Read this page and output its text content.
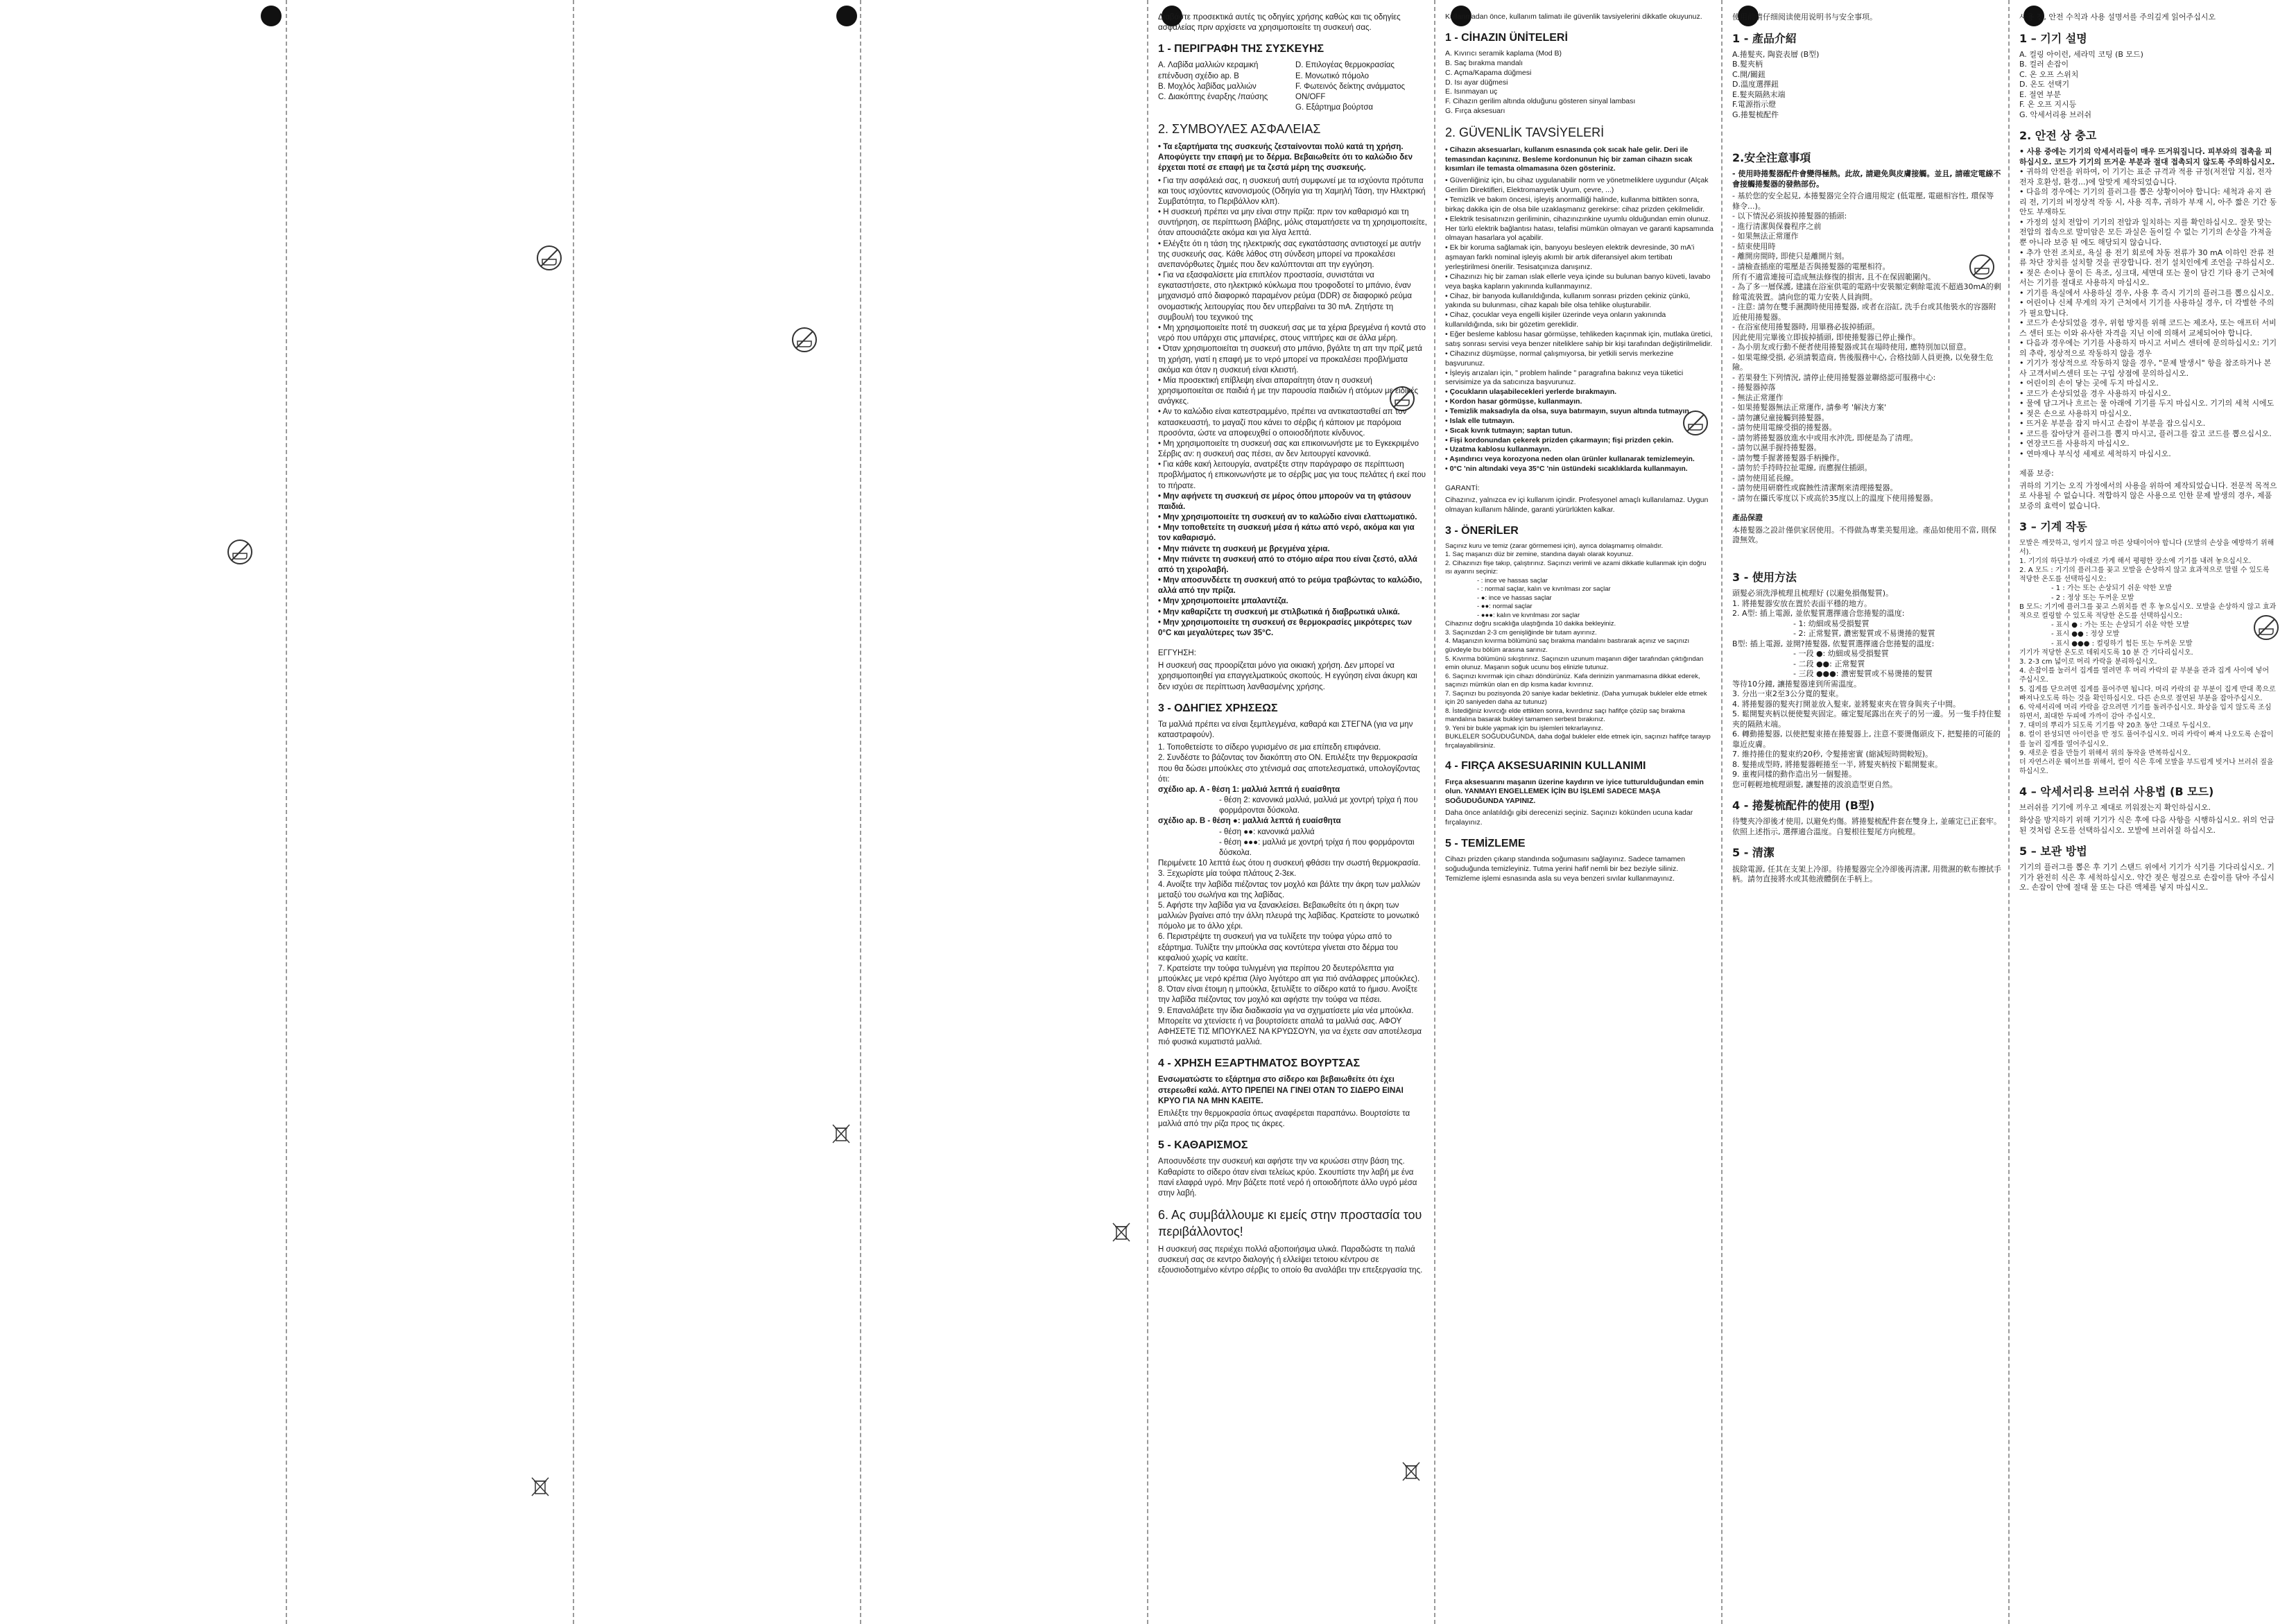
Διαβάστε προσεκτικά αυτές τις οδηγίες χρήσης καθώς και τις οδηγίες ασφαλείας πριν αρχίσετε να χρησιμοποιείτε τη συσκευή σας.

1 - ΠΕΡΙΓΡΑΦΗ ΤΗΣ ΣΥΣΚΕΥΗΣ
A. Λαβίδα μαλλιών κεραμική επένδυση σχέδιο ap. B
B. Μοχλός λαβίδας μαλλιών
C. Διακόπτης έναρξης /παύσης
D. Επιλογέας θερμοκρασίας
E. Μονωτικό πόμολο
F. Φωτεινός δείκτης ανάμματος ON/OFF
G. Εξάρτημα βούρτσα
2. ΣΥΜΒΟΥΛΕΣ ΑΣΦΑΛΕΙΑΣ

• Τα εξαρτήματα της συσκευής ζεσταίνονται πολύ κατά τη χρήση. Αποφύγετε την επαφή με το δέρμα. Βεβαιωθείτε ότι το καλώδιο δεν έρχεται ποτέ σε επαφή με τα ζεστά μέρη της συσκευής.

• Για την ασφάλειά σας, η συσκευή αυτή συμφωνεί με τα ισχύοντα πρότυπα και τους ισχύοντες κανονισμούς (Οδηγία για τη Χαμηλή Τάση, την Ηλεκτρική Συμβατότητα, το Περιβάλλον κλπ).
• Η συσκευή πρέπει να μην είναι στην πρίζα: πριν τον καθαρισμό και τη συντήρηση, σε περίπτωση βλάβης, μόλις σταματήσετε να τη χρησιμοποιείτε, όταν απουσιάζετε ακόμα και για λίγα λεπτά.
• Ελέγξτε ότι η τάση της ηλεκτρικής σας εγκατάστασης αντιστοιχεί με αυτήν της συσκευής σας. Κάθε λάθος στη σύνδεση μπορεί να προκαλέσει ανεπανόρθωτες ζημιές που δεν καλύπτονται απ την εγγύηση.
• Για να εξασφαλίσετε μία επιπλέον προστασία, συνιστάται να εγκαταστήσετε, στο ηλεκτρικό κύκλωμα που τροφοδοτεί το μπάνιο, έναν μηχανισμό από διαφορικό παραμένον ρεύμα (DDR) σε διαφορικό ρεύμα ονομαστικής λειτουργίας που δεν υπερβαίνει τα 30 mA. Ζητήστε τη συμβουλή του τεχνικού της
• Μη χρησιμοποιείτε ποτέ τη συσκευή σας με τα χέρια βρεγμένα ή κοντά στο νερό που υπάρχει στις μπανιέρες, στους νιπτήρες και σε άλλα μέρη.
• Όταν χρησιμοποιείται τη συσκευή στο μπάνιο, βγάλτε τη απ την πρίζ μετά τη χρήση, γιατί η επαφή με το νερό μπορεί να προκαλέσει προβλήματα ακόμα και όταν η συσκευή είναι κλειστή.
• Μία προσεκτική επίβλεψη είναι απαραίτητη όταν η συσκευή χρησιμοποιείται σε παιδιά ή με την παρουσία παιδιών ή ατόμων με ειδικές ανάγκες.
• Αν το καλώδιο είναι κατεστραμμένο, πρέπει να αντικατασταθεί απ τον κατασκευαστή, το μαγαζί που κάνει το σέρβις ή κάποιον με παρόμοια προσόντα, ώστε να αποφευχθεί ο οποιοσδήποτε κίνδυνος.
• Μη χρησιμοποιείτε τη συσκευή σας και επικοινωνήστε με το Εγκεκριμένο Σέρβις αν: η συσκευή σας πέσει, αν δεν λειτουργεί κανονικά.
• Για κάθε κακή λειτουργία, ανατρέξτε στην παράγραφο σε περίπτωση προβλήματος ή επικοινωνήστε με το σέρβις μας για τους πελάτες ή εκεί που το πήρατε.
• Μην αφήνετε τη συσκευή σε μέρος όπου μπορούν να τη φτάσουν παιδιά.
• Μην χρησιμοποιείτε τη συσκευή αν το καλώδιο είναι ελαττωματικό.
• Μην τοποθετείτε τη συσκευή μέσα ή κάτω από νερό, ακόμα και για τον καθαρισμό.
• Μην πιάνετε τη συσκευή με βρεγμένα χέρια.
• Μην πιάνετε τη συσκευή από το στόμιο αέρα που είναι ζεστό, αλλά από τη χειρολαβή.
• Μην αποσυνδέετε τη συσκευή από το ρεύμα τραβώντας το καλώδιο, αλλά από την πρίζα.
• Μην χρησιμοποιείτε μπαλαντέζα.
• Μην καθαρίζετε τη συσκευή με στιλβωτικά ή διαβρωτικά υλικά.
• Μην χρησιμοποιείτε τη συσκευή σε θερμοκρασίες μικρότερες των 0°C και μεγαλύτερες των 35°C.

ΕΓΓΥΗΣΗ:

Η συσκευή σας προορίζεται μόνο για οικιακή χρήση. Δεν μπορεί να χρησιμοποιηθεί για επαγγελματικούς σκοπούς. Η εγγύηση είναι άκυρη και δεν ισχύει σε περίπτωση λανθασμένης χρήσης.

3 - ΟΔΗΓΙΕΣ ΧΡΗΣΕΩΣ

Τα μαλλιά πρέπει να είναι ξεμπλεγμένα, καθαρά και ΣΤΕΓΝΑ (για να μην καταστραφούν).

1. Τοποθετείστε το σίδερο γυρισμένο σε μια επίπεδη επιφάνεια.
2. Συνδέστε το βάζοντας τον διακόπτη στο ON. Επιλέξτε την θερμοκρασία που θα δώσει μπούκλες στο χτένισμά σας αποτελεσματικά, υπολογίζοντας ότι:
σχέδιο ap. A - θέση 1: μαλλιά λεπτά ή ευαίσθητα
- θέση 2: κανονικά μαλλιά, μαλλιά με χοντρή τρίχα ή που φορμάρονται δύσκολα.
σχέδιο ap. B - θέση ●: μαλλιά λεπτά ή ευαίσθητα
- θέση ●●: κανονικά μαλλιά
- θέση ●●●: μαλλιά με χοντρή τρίχα ή που φορμάρονται δύσκολα.
Περιμένετε 10 λεπτά έως ότου η συσκευή φθάσει την σωστή θερμοκρασία.
3. Ξεχωρίστε μία τούφα πλάτους 2-3εκ.
4. Ανοίξτε την λαβίδα πιέζοντας τον μοχλό και βάλτε την άκρη των μαλλιών μεταξύ του σωλήνα και της λαβίδας.
5. Αφήστε την λαβίδα για να ξανακλείσει. Βεβαιωθείτε ότι η άκρη των μαλλιών βγαίνει από την άλλη πλευρά της λαβίδας. Κρατείστε το μονωτικό πόμολο με το άλλο χέρι.
6. Περιστρέψτε τη συσκευή για να τυλίξετε την τούφα γύρω από το εξάρτημα. Τυλίξτε την μπούκλα σας κοντύτερα γίνεται στο δέρμα του κεφαλιού χωρίς να καείτε.
7. Κρατείστε την τούφα τυλιγμένη για περίπου 20 δευτερόλεπτα για μπούκλες με νερό κρέπια (λίγο λιγότερο απ για πιό ανάλαφρες μπούκλες).
8. Όταν είναι έτοιμη η μπούκλα, ξετυλίξτε το σίδερο κατά το ήμισυ. Ανοίξτε την λαβίδα πιέζοντας τον μοχλό και αφήστε την τούφα να πέσει.
9. Επαναλάβετε την ίδια διαδικασία για να σχηματίσετε μία νέα μπούκλα.
Μπορείτε να χτενίσετε ή να βουρτσίσετε απαλά τα μαλλιά σας. ΑΦΟΥ ΑΦΗΣΕΤΕ ΤΙΣ ΜΠΟΥΚΛΕΣ ΝΑ ΚΡΥΩΣΟΥΝ, για να έχετε σαν αποτέλεσμα πιό φυσικά κυματιστά μαλλιά.
4 - ΧΡΗΣΗ ΕΞΑΡΤΗΜΑΤΟΣ ΒΟΥΡΤΣΑΣ

Ενσωματώστε το εξάρτημα στο σίδερο και βεβαιωθείτε ότι έχει στερεωθεί καλά. ΑΥΤΟ ΠΡΕΠΕΙ ΝΑ ΓΙΝΕΙ ΟΤΑΝ ΤΟ ΣΙΔΕΡΟ ΕΙΝΑΙ ΚΡΥΟ ΓΙΑ ΝΑ ΜΗΝ ΚΑΕΙΤΕ.

Επιλέξτε την θερμοκρασία όπως αναφέρεται παραπάνω. Βουρτσίστε τα μαλλιά από την ρίζα προς τις άκρες.

5 - ΚΑΘΑΡΙΣΜΟΣ

Αποσυνδέστε την συσκευή και αφήστε την να κρυώσει στην βάση της. Καθαρίστε το σίδερο όταν είναι τελείως κρύο. Σκουπίστε την λαβή με ένα πανί ελαφρά υγρό. Μην βάζετε ποτέ νερό ή οποιοδήποτε άλλο υγρό μέσα στην λαβή.

6. Ας συμβάλλουμε κι εμείς στην προστασία του περιβάλλοντος!

Η συσκευή σας περιέχει πολλά αξιοποιήσιμα υλικά. Παραδώστε τη παλιά συσκευή σας σε κεντρο διαλογής ή ελλείψει τετοιου κέντρου σε εξουσιοδοτημένο κέντρο σέρβις το οποίο θα αναλάβει την επεξεργασία της.

Kullanmadan önce, kullanım talimatı ile güvenlik tavsiyelerini dikkatle okuyunuz.

1 - CİHAZIN ÜNİTELERİ
A. Kıvırıcı seramik kaplama (Mod B)
B. Saç bırakma mandalı
C. Açma/Kapama düğmesi
D. Isı ayar düğmesi
E. Isınmayan uç
F. Cihazın gerilim altında olduğunu gösteren sinyal lambası
G. Fırça aksesuarı
2. GÜVENLİK TAVSİYELERİ

• Cihazın aksesuarları, kullanım esnasında çok sıcak hale gelir. Deri ile temasından kaçınınız. Besleme kordonunun hiç bir zaman cihazın sıcak kısımları ile temasta olmamasına özen gösteriniz.

• Güvenliğiniz için, bu cihaz uygulanabilir norm ve yönetmeliklere uygundur (Alçak Gerilim Direktifleri, Elektromanyetik Uyum, çevre, ...)
• Temizlik ve bakım öncesi, işleyiş anormalliği halinde, kullanma bittikten sonra, birkaç dakika için de olsa bile uzaklaşmanız gerekirse: cihaz prizden çekilmelidir.
• Elektrik tesisatınızın geriliminin, cihazınızınkine uyumlu olduğundan emin olunuz. Her türlü elektrik bağlantısı hatası, telafisi mümkün olmayan ve garanti kapsamında olmayan hasarlara yol açabilir.
• Ek bir koruma sağlamak için, banyoyu besleyen elektrik devresinde, 30 mA'i aşmayan farklı nominal işleyiş akımlı bir artık diferansiyel akım tertibatı yerleştirilmesi önerilir. Tesisatçınıza danışınız.
• Cihazınızı hiç bir zaman ıslak ellerle veya içinde su bulunan banyo küveti, lavabo veya başka kapların yakınında kullanmayınız.
• Cihaz, bir banyoda kullanıldığında, kullanım sonrası prizden çekiniz çünkü, yakında su bulunması, cihaz kapalı bile olsa tehlike oluşturabilir.
• Cihaz, çocuklar veya engelli kişiler üzerinde veya onların yakınında kullanıldığında, sıkı bir gözetim gereklidir.
• Eğer besleme kablosu hasar görmüşse, tehlikeden kaçınmak için, mutlaka üretici, satış sonrası servisi veya benzer niteliklere sahip bir kişi tarafından değiştirilmelidir.
• Cihazınız düşmüşse, normal çalışmıyorsa, bir yetkili servis merkezine başvurunuz.
• İşleyiş arızaları için, " problem halinde " paragrafına bakınız veya tüketici servisimize ya da satıcınıza başvurunuz.
• Çocukların ulaşabilecekleri yerlerde bırakmayın.
• Kordon hasar görmüşse, kullanmayın.
• Temizlik maksadıyla da olsa, suya batırmayın, suyun altında tutmayın.
• Islak elle tutmayın.
• Sıcak kıvrık tutmayın; saptan tutun.
• Fişi kordonundan çekerek prizden çıkarmayın; fişi prizden çekin.
• Uzatma kablosu kullanmayın.
• Aşındırıcı veya korozyona neden olan ürünler kullanarak temizlemeyin.
• 0°C 'nin altındaki veya 35°C 'nin üstündeki sıcaklıklarda kullanmayın.

GARANTİ:

Cihazınız, yalnızca ev içi kullanım içindir. Profesyonel amaçlı kullanılamaz. Uygun olmayan kullanım hâlinde, garanti yürürlükten kalkar.

3 - ÖNERİLER
Saçınız kuru ve temiz (zarar görmemesi için), ayrıca dolaşmamış olmalıdır.
1. Saç maşanızı düz bir zemine, standına dayalı olarak koyunuz.
2. Cihazınızı fişe takıp, çalıştırınız. Saçınızı verimli ve azami dikkatle kullanmak için doğru ısı ayarını seçiniz:
- : ince ve hassas saçlar
- : normal saçlar, kalın ve kıvrılması zor saçlar
- ●: ince ve hassas saçlar
- ●●: normal saçlar
- ●●●: kalın ve kıvrılması zor saçlar
Cihazınız doğru sıcaklığa ulaştığında 10 dakika bekleyiniz.
3. Saçınızdan 2-3 cm genişliğinde bir tutam ayırınız.
4. Maşanızın kıvırma bölümünü saç bırakma mandalını bastırarak açınız ve saçınızı güvdeyle bu bölüm arasına sarınız.
5. Kıvırma bölümünü sıkıştırınız. Saçınızın uzunum maşanın diğer tarafından çıktığından emin olunuz. Maşanın soğuk ucunu boş elinizle tutunuz.
6. Saçınızı kıvırmak için cihazı döndürünüz. Kafa derinizin yanmamasına dikkat ederek, saçınızı mümkün olan en dip kısma kadar kıvırınız.
7. Saçınızı bu pozisyonda 20 saniye kadar bekletiniz. (Daha yumuşak bukleler elde etmek için 20 saniyeden daha az tutunuz)
8. İstediğiniz kıvırcığı elde ettikten sonra, kıvırdınız saçı hafifçe çözüp saç bırakma mandalına basarak bukleyi tamamen serbest bırakınız.
9. Yeni bir bukle yapmak için bu işlemleri tekrarlayınız.
BUKLELER SOĞUDUĞUNDA, daha doğal bukleler elde etmek için, saçınızı hafifçe tarayıp fırçalayabilirsiniz.
4 - FIRÇA AKSESUARININ KULLANIMI

Fırça aksesuarını maşanın üzerine kaydırın ve iyice tutturulduğundan emin olun. YANMAYI ENGELLEMEK İÇİN BU İŞLEMİ SADECE MAŞA SOĞUDUĞUNDA YAPINIZ.

Daha önce anlatıldığı gibi derecenizi seçiniz. Saçınızı kökünden ucuna kadar fırçalayınız.

5 - TEMİZLEME

Cihazı prizden çıkarıp standında soğumasını sağlayınız. Sadece tamamen soğuduğunda temizleyiniz. Tutma yerini hafif nemli bir bez beziyle siliniz. Temizleme işlemi esnasında asla su veya benzeri sıvılar kullanmayınız.

使用前请仔细阅读使用说明书与安全事项。

1 - 產品介紹
A.捲髮夾, 陶瓷表層 (B型)
B.髮夾柄
C.開/關鈕
D.溫度選擇鈕
E.髮夾隔熱末端
F.電源指示燈
G.捲髮梳配件
2.安全注意事項

- 使用時捲髮器配件會變得極熱。此故, 請避免與皮膚接觸。並且, 請確定電線不會接觸捲髮器的發熱部份。

- 基於您的安全起見, 本捲髮器完全符合適用規定 (低電壓, 電磁相容性, 環保等條令...)。
- 以下情況必須拔掉捲髮器的插頭:
- 進行清潔與保養程序之前
- 如果無法正常運作
- 結束使用時
- 離開房間時, 即使只是離開片刻。
- 請檢查插座的電壓是否與捲髮器的電壓相符。
所有不適當連接可造成無法修復的損害, 且不在保固範圍內。
- 為了多一層保護, 建議在浴室供電的電路中安裝額定剩餘電流不超過30mA的剩餘電流裝置。請向您的電力安裝人員詢問。
- 注意: 請勿在雙手濕潤時使用捲髮器, 或者在浴缸, 洗手台或其他裝水的容器附近使用捲髮器。
- 在浴室使用捲髮器時, 用畢務必拔掉插頭。
因此使用完畢後立即拔掉插頭, 即使捲髮器已停止操作。
- 為小朋友或行動不便者使用捲髮器或其在場時使用, 應特別加以留意。
- 如果電線受損, 必須請製造商, 售後服務中心, 合格技師人員更換, 以免發生危險。
- 若果發生下列情況, 請停止使用捲髮器並聯絡認可服務中心:
- 捲髮器掉落
- 無法正常運作
- 如果捲髮器無法正常運作, 請參考 '解決方案'
- 請勿讓兒童接觸到捲髮器。
- 請勿使用電線受損的捲髮器。
- 請勿將捲髮器放進水中或用水沖洗, 即便是為了清理。
- 請勿以濕手握持捲髮器。
- 請勿雙手握著捲髮器手柄操作。
- 請勿於手持時拉扯電線, 而應握住插頭。
- 請勿使用延長線。
- 請勿使用研磨性或腐蝕性清潔劑來清理捲髮器。
- 請勿在攝氏零度以下或高於35度以上的溫度下使用捲髮器。

產品保證

本捲髮器之設計僅供家居使用。不得做為專業美髮用途。產品如使用不當, 則保證無效。

3 - 使用方法
頭髮必須洗淨梳理且梳理好 (以避免損傷髮質)。
1. 將捲髮器安放在置於表面平穩的地方。
2. A型: 插上電源, 並依髮質選擇適合您捲髮的溫度:
- 1: 幼細或易受損髮質
- 2: 正常髮質, 濃密髮質或不易燙捲的髮質
B型: 插上電源, 並開?捲髮器, 依髮質選擇適合您捲髮的溫度:
- 一段 ●: 幼細或易受損髮質
- 二段 ●●: 正常髮質
- 三段 ●●●: 濃密髮質或不易燙捲的髮質
等待10分鐘, 讓捲髮器達到所需溫度。
3. 分出一束2至3公分寬的髮束。
4. 將捲髮器的髮夾打開並放入髮束, 並將髮束夾在管身與夾子中間。
5. 鬆開髮夾柄以便使髮夾固定。確定髮尾露出在夾子的另一邊。另一隻手持住髮夾的隔熱末端。
6. 轉動捲髮器, 以使把髮束捲在捲髮器上, 注意不要燙傷頭皮下, 把髮捲的可能的靠近皮膚。
7. 維持捲住的髮束約20秒, 令髮捲密實 (縮減短時間較短)。
8. 髮捲成型時, 將捲髮器輕捲至一半, 將髮夾柄按下鬆開髮束。
9. 重複同樣的動作造出另一個髮捲。
您可輕輕地梳理頭髮, 讓髮捲的波浪造型更自然。
4 - 捲髮梳配件的使用 (B型)

待雙夾冷卻後才使用, 以避免灼傷。將捲髮梳配件套在雙身上, 並確定已正套牢。依照上述指示, 選擇適合溫度。自髮根往髮尾方向梳理。

5 - 清潔

拔除電源, 任其在支架上冷卻。待捲髮器完全冷卻後再清潔, 用微濕的軟布擦拭手柄。請勿直接將水或其他液體倒在手柄上。

사용 전, 안전 수칙과 사용 설명서를 주의깊게 읽어주십시오

1 – 기기 설명
A. 컬링 아이런, 세라믹 코팅 (B 모드)
B. 컬러 손잡이
C. 온 오프 스위치
D. 온도 선택기
E. 절연 부분
F. 온 오프 지시등
G. 악세서리용 브러쉬
2. 안전 상 충고
• 사용 중에는 기기의 악세서리들이 매우 뜨거워집니다. 피부와의 접촉을 피하십시오. 코드가 기기의 뜨거운 부분과 절대 접촉되지 않도록 주의하십시오.
• 귀하의 안전을 위하여, 이 기기는 표준 규격과 적용 규정(저전압 지침, 전자 전자 호환성, 환경...)에 알맞게 제작되었습니다.
• 다음의 경우에는 기기의 플러그를 뽑은 상황이어야 합니다: 세척과 유지 관리 전, 기기의 비정상적 작동 시, 사용 직후, 귀하가 부재 시, 아주 짧은 기간 동안도 부재하도
• 가정의 설치 전압이 기기의 전압과 일치하는 지를 확인하십시오. 잘못 맞는 전압의 접속으로 말미암은 모든 과실은 돌이킬 수 없는 기기의 손상을 가져올 뿐 아니라 보증 된 에도 해당되지 않습니다.
• 추가 안전 조치로, 욕실 용 전기 회로에 차동 전류가 30 mA 이하인 잔류 전류 차단 장치를 설치할 것을 권장합니다. 전기 설치인에게 조언을 구하십시오.
• 젖은 손이나 물이 든 욕조, 싱크대, 세면대 또는 물이 담긴 기타 용기 근처에서는 기기를 절대로 사용하지 마십시오.
• 기기를 욕실에서 사용하실 경우, 사용 후 즉시 기기의 플러그를 뽑으십시오.
• 어린이나 신체 무게의 자기 근처에서 기기를 사용하실 경우, 더 각별한 주의가 필요합니다.
• 코드가 손상되었을 경우, 위험 방지를 위해 코드는 제조사, 또는 애프터 서비스 센터 또는 이와 유사한 자격을 지닌 이에 의해서 교체되어야 합니다.
• 다음과 경우에는 기기를 사용하지 마시고 서비스 센터에 문의하십시오: 기기의 추락, 정상적으로 작동하지 않을 경우
• 기기가 정상적으로 작동하지 않을 경우, "문제 발생시" 항을 참조하거나 본사 고객서비스센터 또는 구입 상점에 문의하십시오.
• 어린이의 손이 닿는 곳에 두지 마십시오.
• 코드가 손상되었을 경우 사용하지 마십시오.
• 물에 담그거나 흐르는 물 아래에 기기를 두지 마십시오. 기기의 세척 시에도
• 젖은 손으로 사용하지 마십시오.
• 뜨거운 부분을 잡지 마시고 손잡이 부분을 잡으십시오.
• 코드를 잡아당겨 플러그를 뽑지 마시고, 플러그를 잡고 코드를 뽑으십시오.
• 연장코드를 사용하지 마십시오.
• 연마재나 부식성 세제로 세척하지 마십시오.

제품 보증:

귀하의 기기는 오직 가정에서의 사용을 위하여 제작되었습니다. 전문적 목적으로 사용될 수 없습니다. 적합하지 않은 사용으로 인한 문제 발생의 경우, 제품 보증의 효력이 없습니다.

3 – 기계 작동
모발은 깨끗하고, 엉키지 않고 마른 상태이어야 합니다 (모발의 손상을 예방하기 위해서).
1. 기기의 하단부가 아래로 가게 해서 평평한 장소에 기기를 내려 놓으십시오.
2. A 모드 : 기기의 플러그를 꽂고 모발을 손상하지 않고 효과적으로 말릴 수 있도록 적당한 온도를 선택하십시오:
- 1 : 가는 또는 손상되기 쉬운 약한 모발
- 2 : 정상 또는 두꺼운 모발
B 모드: 기기에 플러그를 꽂고 스위치를 켠 후 놓으십시오. 모발을 손상하지 않고 효과적으로 컬링할 수 있도록 적당한 온도를 선택하십시오:
- 표시 ● : 가는 또는 손상되기 쉬운 약한 모발
- 표시 ●● : 정상 모발
- 표시 ●●● : 컬링하기 힘든 또는 두꺼운 모발
기기가 적당한 온도로 데워지도록 10 분 간 기다리십시오.
3. 2-3 cm 넓이로 머리 카락을 분리하십시오.
4. 손잡이를 눌러서 집게를 열려면 후 머리 카락의 끝 부분을 관과 집게 사이에 넣어 주십시오.
5. 집게를 닫으려면 집게를 풀어주면 됩니다. 머리 카락의 끝 부분이 집게 반대 쪽으로 빠져나오도록 하는 것을 확인하십시오. 다른 손으로 절연된 부분을 잡아주십시오.
6. 악세서리에 머리 카락을 감으려면 기기를 돌려주십시오. 화상을 입지 않도록 조심하면서, 최대한 두피에 가까이 감아 주십시오.
7. 대미의 뿌리가 되도록 기기를 약 20초 동안 그대로 두십시오.
8. 컬이 완성되면 아이런을 반 정도 풀어주십시오. 머리 카락이 빠져 나오도록 손잡이를 눌러 집게를 열어주십시오.
9. 새로운 컬을 만들기 위해서 위의 동작을 반복하십시오.
더 자연스러운 웨이브를 위해서, 컬이 식은 후에 모발을 부드럽게 빗거나 브러쉬 질을 하십시오.
4 – 악세서리용 브러쉬 사용법 (B 모드)

브러쉬를 기기에 끼우고 제대로 끼워졌는지 확인하십시오.

화상을 방지하기 위해 기기가 식은 후에 다음 사항을 시행하십시오. 위의 언급된 것처럼 온도를 선택하십시오. 모발에 브러쉬질 하십시오.

5 – 보관 방법

기기의 플러그를 뽑은 후 기기 스탠드 위에서 기기가 식기를 기다리십시오. 기기가 완전히 식은 후 세척하십시오. 약간 젖은 헝겊으로 손잡이를 닦아 주십시오. 손잡이 안에 절대 물 또는 다른 액체를 넣지 마십시오.
